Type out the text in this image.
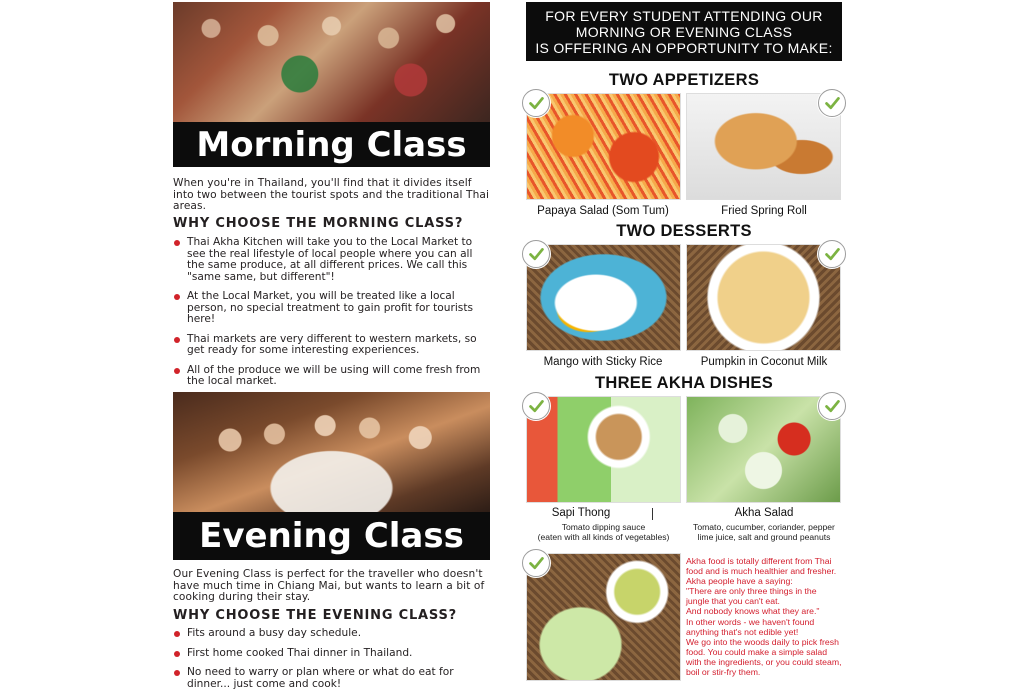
Morning Class
When you're in Thailand, you'll find that it divides itself into two between the tourist spots and the traditional Thai areas.
WHY CHOOSE THE MORNING CLASS?
Thai Akha Kitchen will take you to the Local Market to see the real lifestyle of local people where you can all the same produce, at all different prices. We call this "same same, but different"!
At the Local Market, you will be treated like a local person, no special treatment to gain profit for tourists here!
Thai markets are very different to western markets, so get ready for some interesting experiences.
All of the produce we will be using will come fresh from the local market.
Evening Class
Our Evening Class is perfect for the traveller who doesn't have much time in Chiang Mai, but wants to learn a bit of cooking during their stay.
WHY CHOOSE THE EVENING CLASS?
Fits around a busy day schedule.
First home cooked Thai dinner in Thailand.
No need to warry or plan where or what do eat for dinner... just come and cook!
FOR EVERY STUDENT ATTENDING OUR
MORNING OR EVENING CLASS
IS OFFERING AN OPPORTUNITY TO MAKE:
TWO APPETIZERS
Papaya Salad (Som Tum)	Fried Spring Roll
TWO DESSERTS
Mango with Sticky Rice	Pumpkin in Coconut Milk
THREE AKHA DISHES
Sapi Thong
Tomato dipping sauce
(eaten with all kinds of vegetables)
Akha Salad
Tomato, cucumber, coriander, pepper
lime juice, salt and ground peanuts

Akha food is totally different from Thai food and is much healthier and fresher.

Akha people have a saying:

"There are only three things in the jungle that you can't eat.

And nobody knows what they are."

In other words - we haven't found anything that's not edible yet!

We go into the woods daily to pick fresh food. You could make a simple salad with the ingredients, or you could steam, boil or stir-fry them.
